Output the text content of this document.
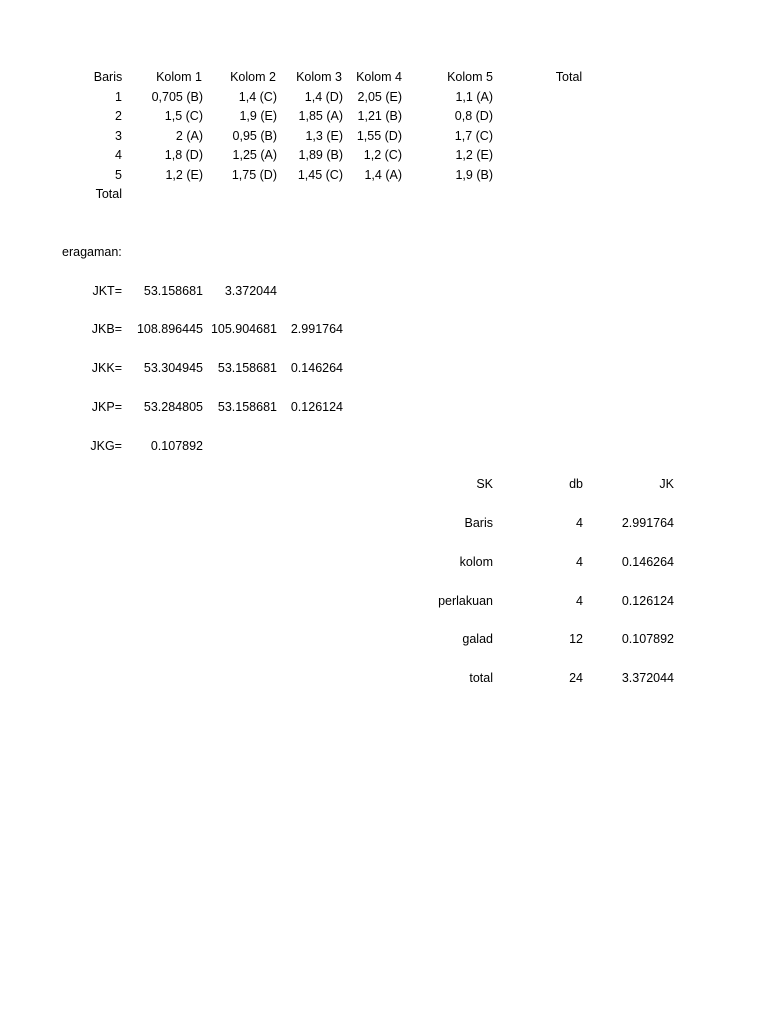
Baris	Kolom 1	Kolom 2	Kolom 3	Kolom 4	Kolom 5	Total
1	0,705 (B)	1,4 (C)	1,4 (D)	2,05 (E)	1,1 (A)
2	1,5 (C)	1,9 (E)	1,85 (A)	1,21 (B)	0,8 (D)
3	2 (A)	0,95 (B)	1,3 (E)	1,55 (D)	1,7 (C)
4	1,8 (D)	1,25 (A)	1,89 (B)	1,2 (C)	1,2 (E)
5	1,2 (E)	1,75 (D)	1,45 (C)	1,4 (A)	1,9 (B)
Total
eragaman:
JKT=	53.158681	3.372044
JKB=	108.896445 105.904681	2.991764
JKK=	53.304945	53.158681	0.146264
JKP=	53.284805	53.158681	0.126124
JKG=	0.107892
SK	db	JK
Baris	4	2.991764
kolom	4	0.146264
perlakuan	4	0.126124
galad	12	0.107892
total	24	3.372044
